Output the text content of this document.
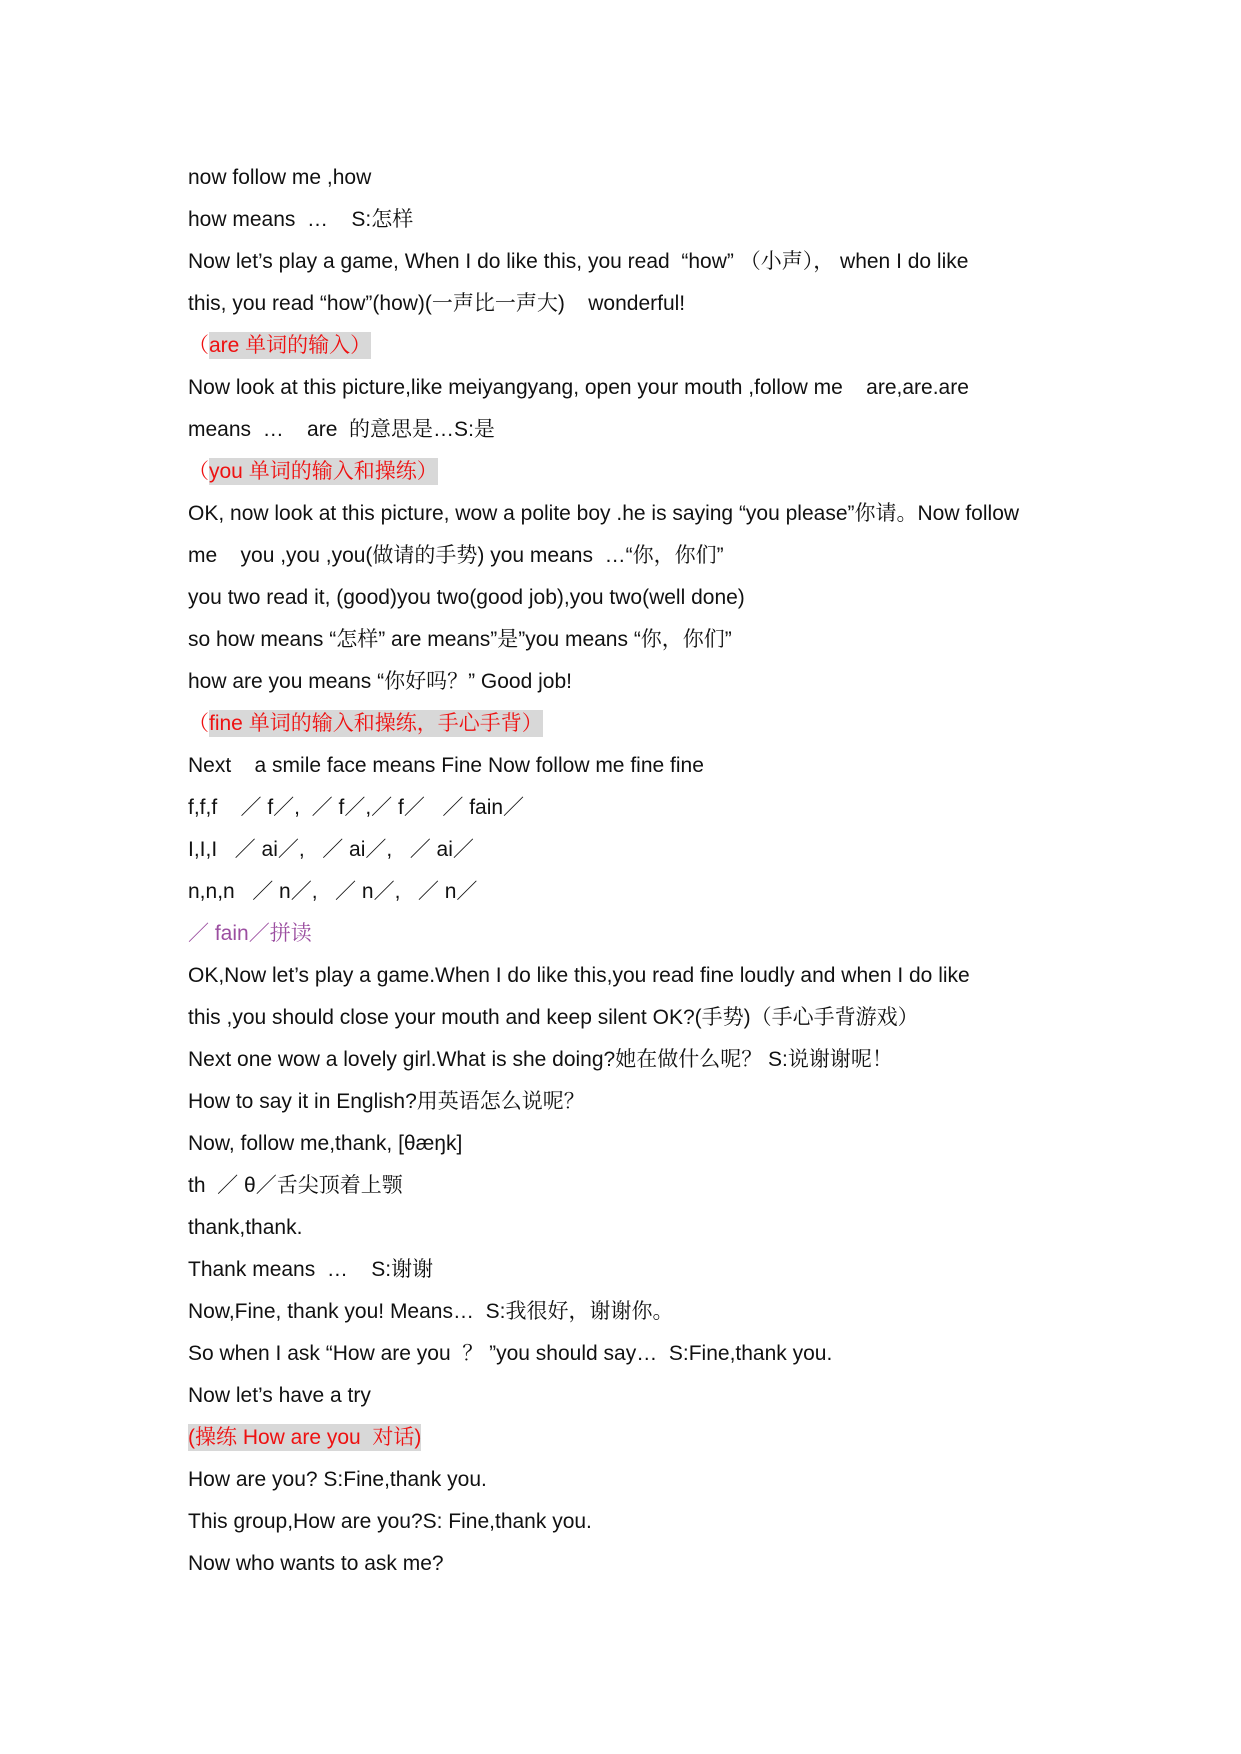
now follow me ,how
how means  …    S:怎样
Now let’s play a game, When I do like this, you read  “how” （小声）， when I do like
this, you read “how”(how)(一声比一声大)    wonderful!
（are 单词的输入）
Now look at this picture,like meiyangyang, open your mouth ,follow me    are,are.are
means  …    are  的意思是…S:是
（you 单词的输入和操练）
OK, now look at this picture, wow a polite boy .he is saying “you please”你请。Now follow
me    you ,you ,you(做请的手势) you means  …“你，你们”
you two read it, (good)you two(good job),you two(well done)
so how means “怎样” are means”是”you means “你，你们”
how are you means “你好吗？” Good job!
（fine 单词的输入和操练，手心手背）
Next    a smile face means Fine Now follow me fine fine
f,f,f    ／ f／,  ／ f／,／ f／   ／ fain／
I,I,I   ／ ai／,   ／ ai／,   ／ ai／
n,n,n   ／ n／,   ／ n／,   ／ n／
／ fain／拼读
OK,Now let’s play a game.When I do like this,you read fine loudly and when I do like
this ,you should close your mouth and keep silent OK?(手势)（手心手背游戏）
Next one wow a lovely girl.What is she doing?她在做什么呢？ S:说谢谢呢！
How to say it in English?用英语怎么说呢？
Now, follow me,thank, [θæŋk]
th  ／ θ／舌尖顶着上颚
thank,thank.
Thank means  …    S:谢谢
Now,Fine, thank you! Means…  S:我很好，谢谢你。
So when I ask “How are you  ？ ”you should say…  S:Fine,thank you.
Now let’s have a try
(操练 How are you  对话)
How are you? S:Fine,thank you.
This group,How are you?S: Fine,thank you.
Now who wants to ask me?
